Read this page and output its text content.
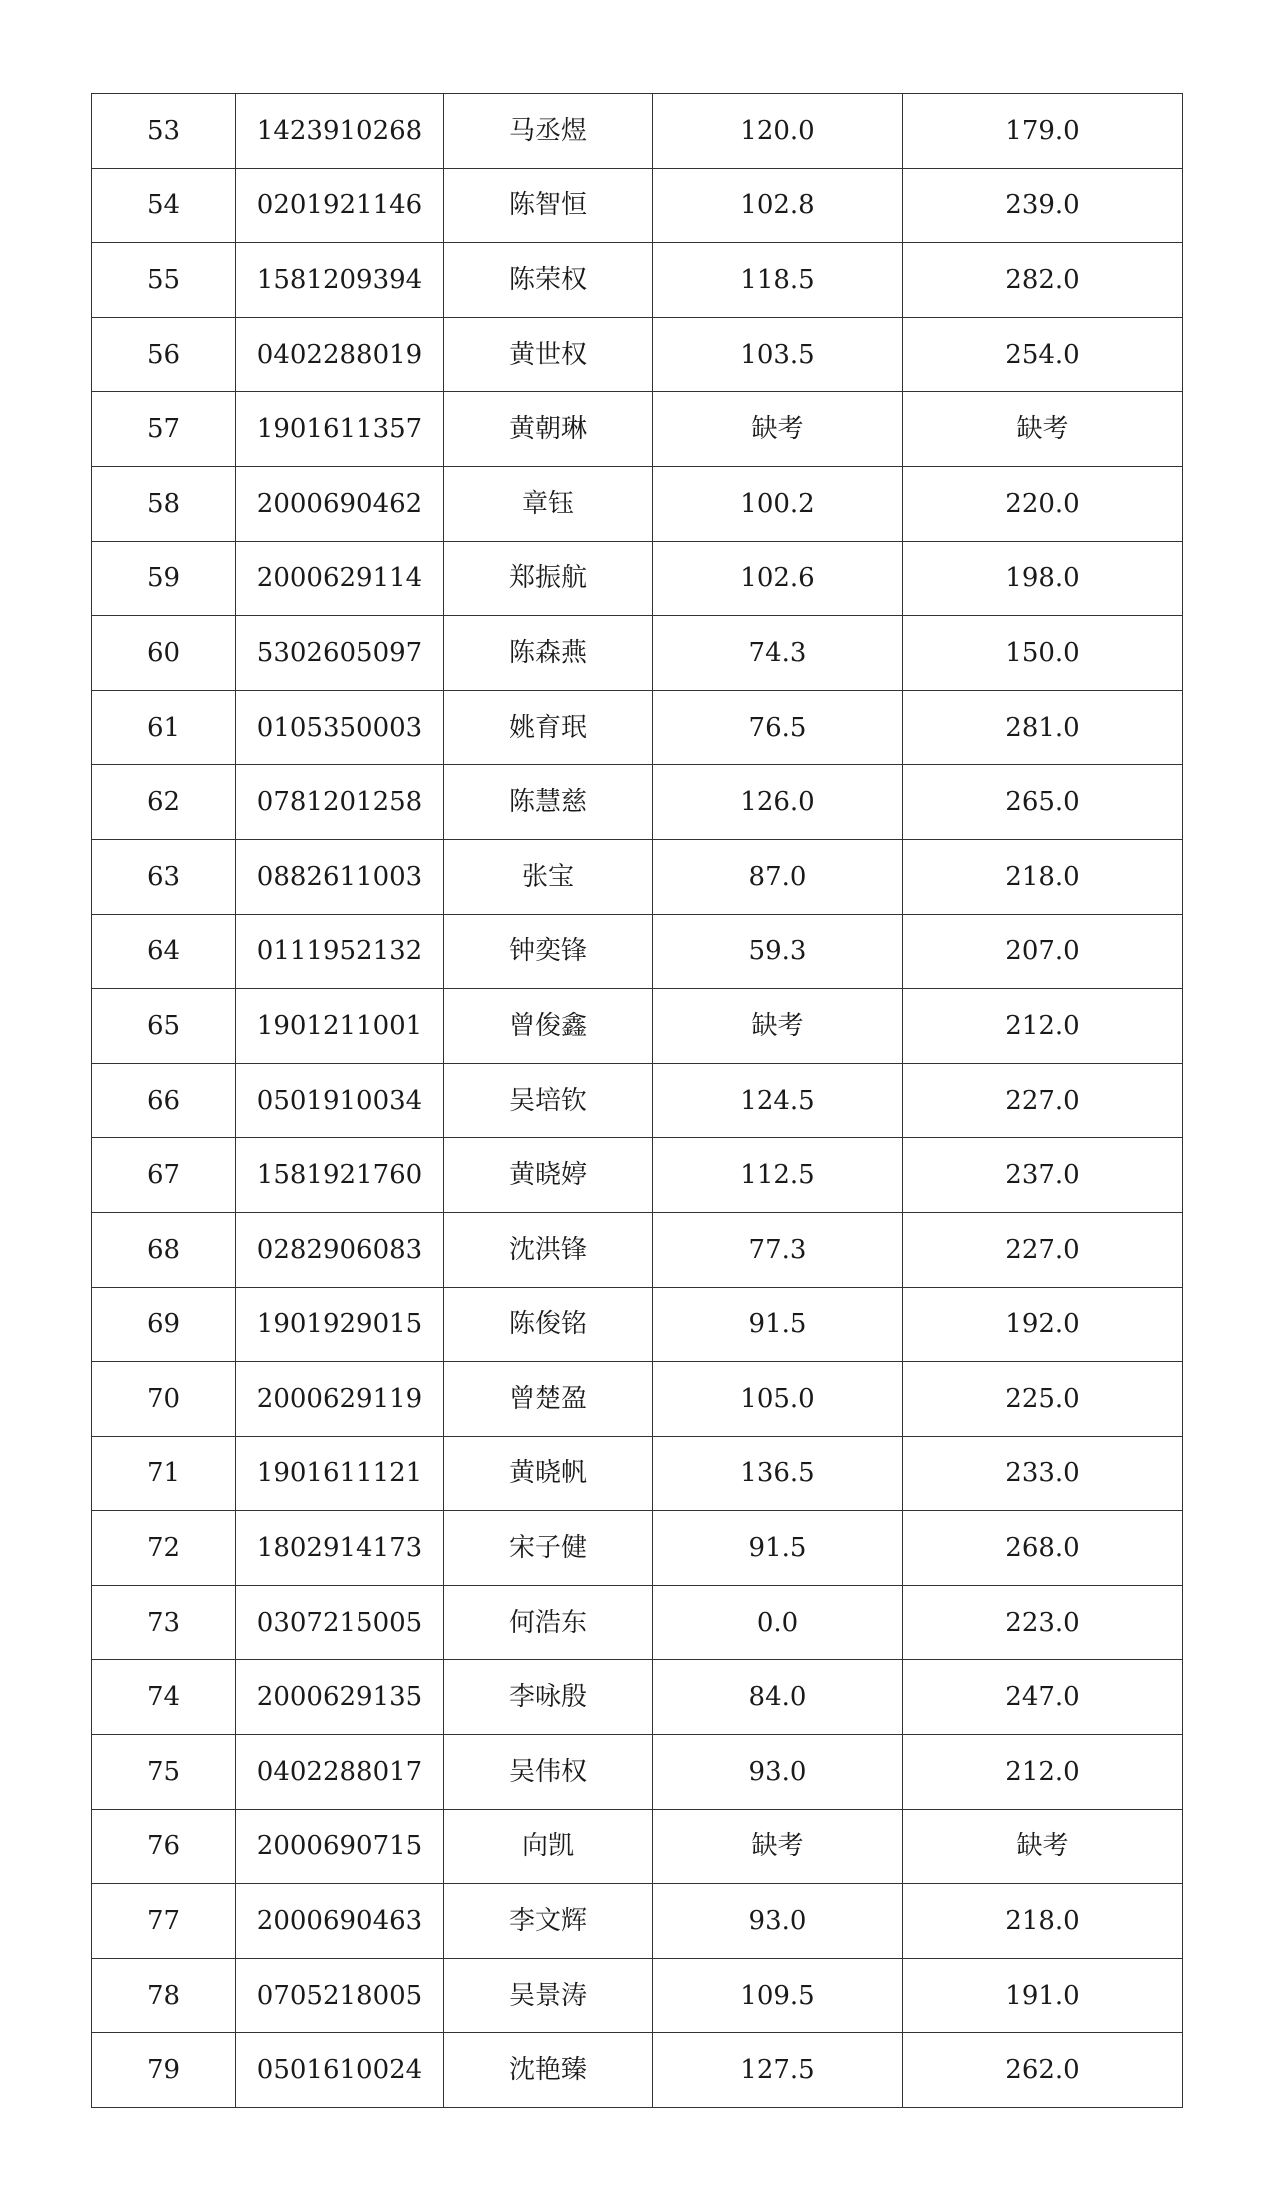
53	1423910268	马丞煜	120.0	179.0
54	0201921146	陈智恒	102.8	239.0
55	1581209394	陈荣权	118.5	282.0
56	0402288019	黄世权	103.5	254.0
57	1901611357	黄朝琳	缺考	缺考
58	2000690462	章钰	100.2	220.0
59	2000629114	郑振航	102.6	198.0
60	5302605097	陈森燕	74.3	150.0
61	0105350003	姚育珉	76.5	281.0
62	0781201258	陈慧慈	126.0	265.0
63	0882611003	张宝	87.0	218.0
64	0111952132	钟奕锋	59.3	207.0
65	1901211001	曾俊鑫	缺考	212.0
66	0501910034	吴培钦	124.5	227.0
67	1581921760	黄晓婷	112.5	237.0
68	0282906083	沈洪锋	77.3	227.0
69	1901929015	陈俊铭	91.5	192.0
70	2000629119	曾楚盈	105.0	225.0
71	1901611121	黄晓帆	136.5	233.0
72	1802914173	宋子健	91.5	268.0
73	0307215005	何浩东	0.0	223.0
74	2000629135	李咏殷	84.0	247.0
75	0402288017	吴伟权	93.0	212.0
76	2000690715	向凯	缺考	缺考
77	2000690463	李文辉	93.0	218.0
78	0705218005	吴景涛	109.5	191.0
79	0501610024	沈艳臻	127.5	262.0
